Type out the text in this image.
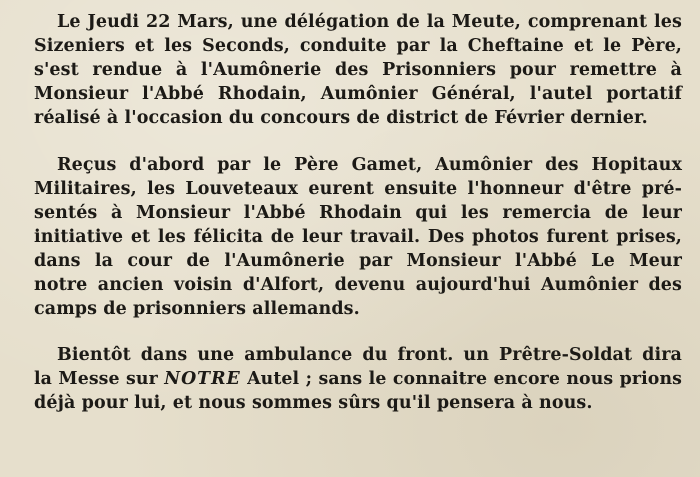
Le Jeudi 22 Mars, une délégation de la Meute, comprenant les
Sizeniers et les Seconds, conduite par la Cheftaine et le Père,
s'est rendue à l'Aumônerie des Prisonniers pour remettre à
Monsieur l'Abbé Rhodain, Aumônier Général, l'autel portatif
réalisé à l'occasion du concours de district de Février dernier.
Reçus d'abord par le Père Gamet, Aumônier des Hopitaux
Militaires, les Louveteaux eurent ensuite l'honneur d'être pré-
sentés à Monsieur l'Abbé Rhodain qui les remercia de leur
initiative et les félicita de leur travail. Des photos furent prises,
dans la cour de l'Aumônerie par Monsieur l'Abbé Le Meur
notre ancien voisin d'Alfort, devenu aujourd'hui Aumônier des
camps de prisonniers allemands.
Bientôt dans une ambulance du front. un Prêtre-Soldat dira
la Messe sur NOTRE Autel ; sans le connaitre encore nous prions
déjà pour lui, et nous sommes sûrs qu'il pensera à nous.
